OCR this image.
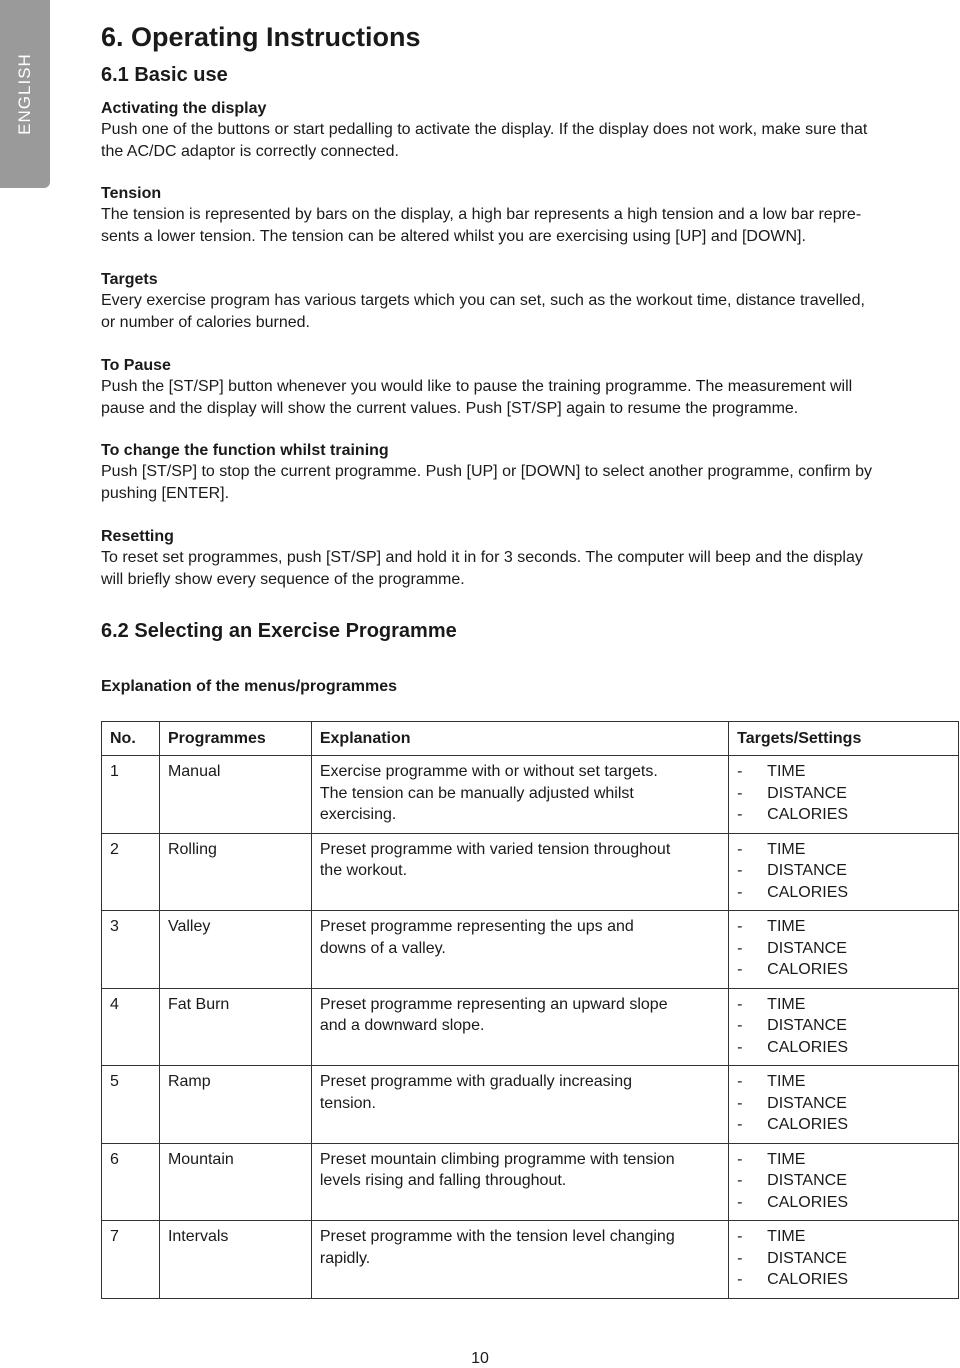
ENGLISH
6. Operating Instructions
6.1 Basic use
Activating the display

Push one of the buttons or start pedalling to activate the display. If the display does not work, make sure that

the AC/DC adaptor is correctly connected.

Tension

The tension is represented by bars on the display, a high bar represents a high tension and a low bar repre-

sents a lower tension. The tension can be altered whilst you are exercising using [UP] and [DOWN].

Targets

Every exercise program has various targets which you can set, such as the workout time, distance travelled,

or number of calories burned.

To Pause

Push the [ST/SP] button whenever you would like to pause the training programme. The measurement will

pause and the display will show the current values. Push [ST/SP] again to resume the programme.

To change the function whilst training

Push [ST/SP] to stop the current programme. Push [UP] or [DOWN] to select another programme, confirm by

pushing [ENTER].

Resetting

To reset set programmes, push [ST/SP] and hold it in for 3 seconds. The computer will beep and the display

will briefly show every sequence of the programme.

6.2 Selecting an Exercise Programme

Explanation of the menus/programmes

No.	Programmes	Explanation	Targets/Settings
1	Manual	Exercise programme with or without set targets.
The tension can be manually adjusted whilst
exercising.	- TIME
- DISTANCE
- CALORIES

2	Rolling	Preset programme with varied tension throughout
the workout.	- TIME
- DISTANCE
- CALORIES

3	Valley	Preset programme representing the ups and
downs of a valley.	- TIME
- DISTANCE
- CALORIES

4	Fat Burn	Preset programme representing an upward slope
and a downward slope.	- TIME
- DISTANCE
- CALORIES

5	Ramp	Preset programme with gradually increasing
tension.	- TIME
- DISTANCE
- CALORIES

6	Mountain	Preset mountain climbing programme with tension
levels rising and falling throughout.	- TIME
- DISTANCE
- CALORIES

7	Intervals	Preset programme with the tension level changing
rapidly.	- TIME
- DISTANCE
- CALORIES
10
